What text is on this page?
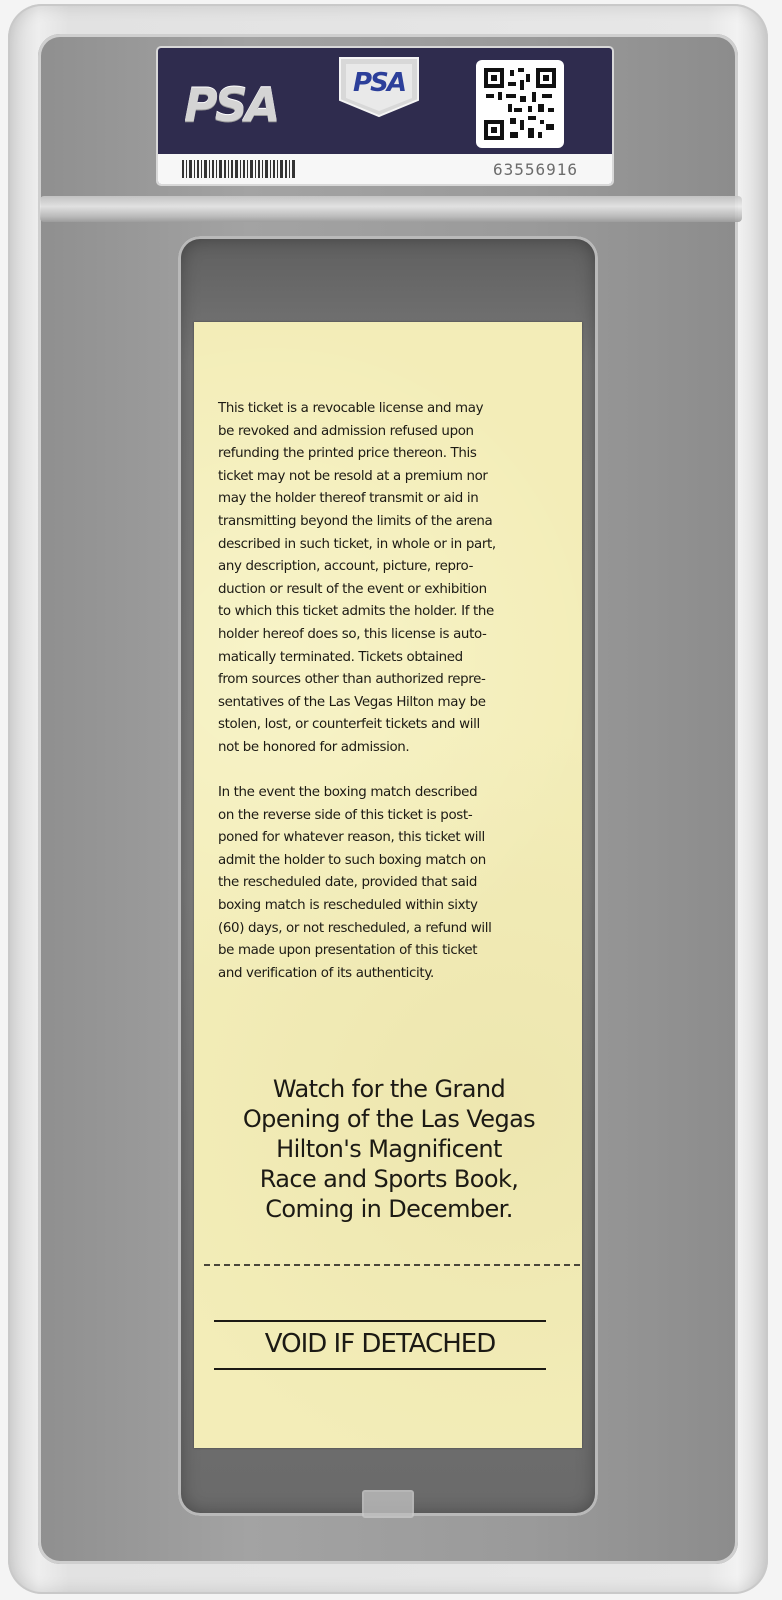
PSA	PSA
63556916

This ticket is a revocable license and may
be revoked and admission refused upon
refunding the printed price thereon. This
ticket may not be resold at a premium nor
may the holder thereof transmit or aid in
transmitting beyond the limits of the arena
described in such ticket, in whole or in part,
any description, account, picture, repro-
duction or result of the event or exhibition
to which this ticket admits the holder. If the
holder hereof does so, this license is auto-
matically terminated. Tickets obtained
from sources other than authorized repre-
sentatives of the Las Vegas Hilton may be
stolen, lost, or counterfeit tickets and will
not be honored for admission.

In the event the boxing match described
on the reverse side of this ticket is post-
poned for whatever reason, this ticket will
admit the holder to such boxing match on
the rescheduled date, provided that said
boxing match is rescheduled within sixty
(60) days, or not rescheduled, a refund will
be made upon presentation of this ticket
and verification of its authenticity.

Watch for the Grand
Opening of the Las Vegas
Hilton's Magnificent
Race and Sports Book,
Coming in December.

VOID IF DETACHED
